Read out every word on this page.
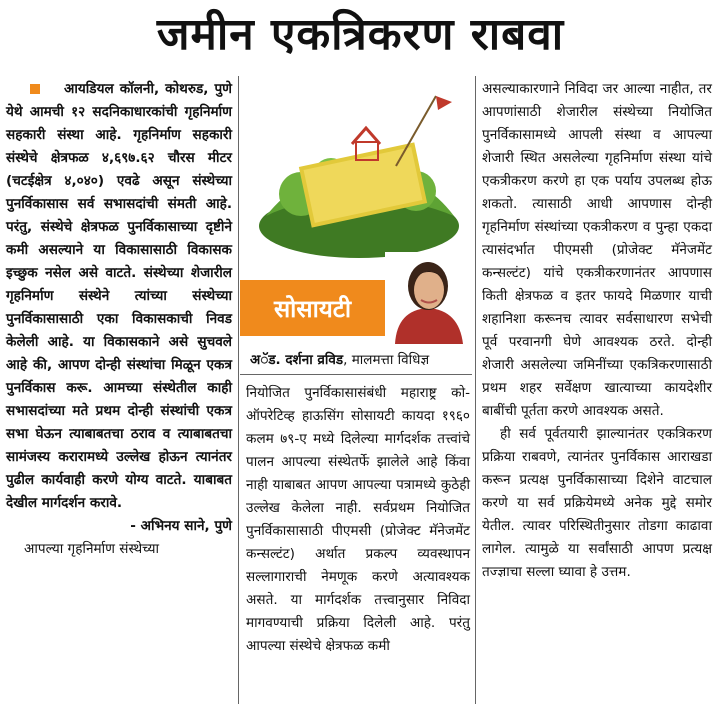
जमीन एकत्रिकरण राबवा

आयडियल कॉलनी, कोथरुड, पुणे येथे आमची १२ सदनिकाधारकांची गृहनिर्माण सहकारी संस्था आहे. गृहनिर्माण सहकारी संस्थेचे क्षेत्रफळ ४,६९७.६२ चौरस मीटर (चटईक्षेत्र ४,०४०) एवढे असून संस्थेच्या पुनर्विकासास सर्व सभासदांची संमती आहे. परंतु, संस्थेचे क्षेत्रफळ पुनर्विकासाच्या दृष्टीने कमी असल्याने या विकासासाठी विकासक इच्छुक नसेल असे वाटते. संस्थेच्या शेजारील गृहनिर्माण संस्थेने त्यांच्या संस्थेच्या पुनर्विकासासाठी एका विकासकाची निवड केलेली आहे. या विकासकाने असे सुचवले आहे की, आपण दोन्ही संस्थांचा मिळून एकत्र पुनर्विकास करू. आमच्या संस्थेतील काही सभासदांच्या मते प्रथम दोन्ही संस्थांची एकत्र सभा घेऊन त्याबाबतचा ठराव व त्याबाबतचा सामंजस्य करारामध्ये उल्लेख होऊन त्यानंतर पुढील कार्यवाही करणे योग्य वाटते. याबाबत देखील मार्गदर्शन करावे.

- अभिनय साने, पुणे

आपल्या गृहनिर्माण संस्थेच्या

सोसायटी
अॅड. दर्शना व्रविड, मालमत्ता विधिज्ञ

नियोजित पुनर्विकासासंबंधी महाराष्ट्र को-ऑपरेटिव्ह हाऊसिंग सोसायटी कायदा १९६० कलम ७९-ए मध्ये दिलेल्या मार्गदर्शक तत्त्वांचे पालन आपल्या संस्थेतर्फे झालेले आहे किंवा नाही याबाबत आपण आपल्या पत्रामध्ये कुठेही उल्लेख केलेला नाही. सर्वप्रथम नियोजित पुनर्विकासासाठी पीएमसी (प्रोजेक्ट मॅनेजमेंट कन्सल्टंट) अर्थात प्रकल्प व्यवस्थापन सल्लागाराची नेमणूक करणे अत्यावश्यक असते. या मार्गदर्शक तत्त्वानुसार निविदा मागवण्याची प्रक्रिया दिलेली आहे. परंतु आपल्या संस्थेचे क्षेत्रफळ कमी

असल्याकारणाने निविदा जर आल्या नाहीत, तर आपणांसाठी शेजारील संस्थेच्या नियोजित पुनर्विकासामध्ये आपली संस्था व आपल्या शेजारी स्थित असलेल्या गृहनिर्माण संस्था यांचे एकत्रीकरण करणे हा एक पर्याय उपलब्ध होऊ शकतो. त्यासाठी आधी आपणास दोन्ही गृहनिर्माण संस्थांच्या एकत्रीकरण व पुन्हा एकदा त्यासंदर्भात पीएमसी (प्रोजेक्ट मॅनेजमेंट कन्सल्टंट) यांचे एकत्रीकरणानंतर आपणास किती क्षेत्रफळ व इतर फायदे मिळणार याची शहानिशा करूनच त्यावर सर्वसाधारण सभेची पूर्व परवानगी घेणे आवश्यक ठरते. दोन्ही शेजारी असलेल्या जमिनींच्या एकत्रिकरणासाठी प्रथम शहर सर्वेक्षण खात्याच्या कायदेशीर बाबींची पूर्तता करणे आवश्यक असते.

ही सर्व पूर्वतयारी झाल्यानंतर एकत्रिकरण प्रक्रिया राबवणे, त्यानंतर पुनर्विकास आराखडा करून प्रत्यक्ष पुनर्विकासाच्या दिशेने वाटचाल करणे या सर्व प्रक्रियेमध्ये अनेक मुद्दे समोर येतील. त्यावर परिस्थितीनुसार तोडगा काढावा लागेल. त्यामुळे या सर्वांसाठी आपण प्रत्यक्ष तज्ज्ञाचा सल्ला घ्यावा हे उत्तम.
